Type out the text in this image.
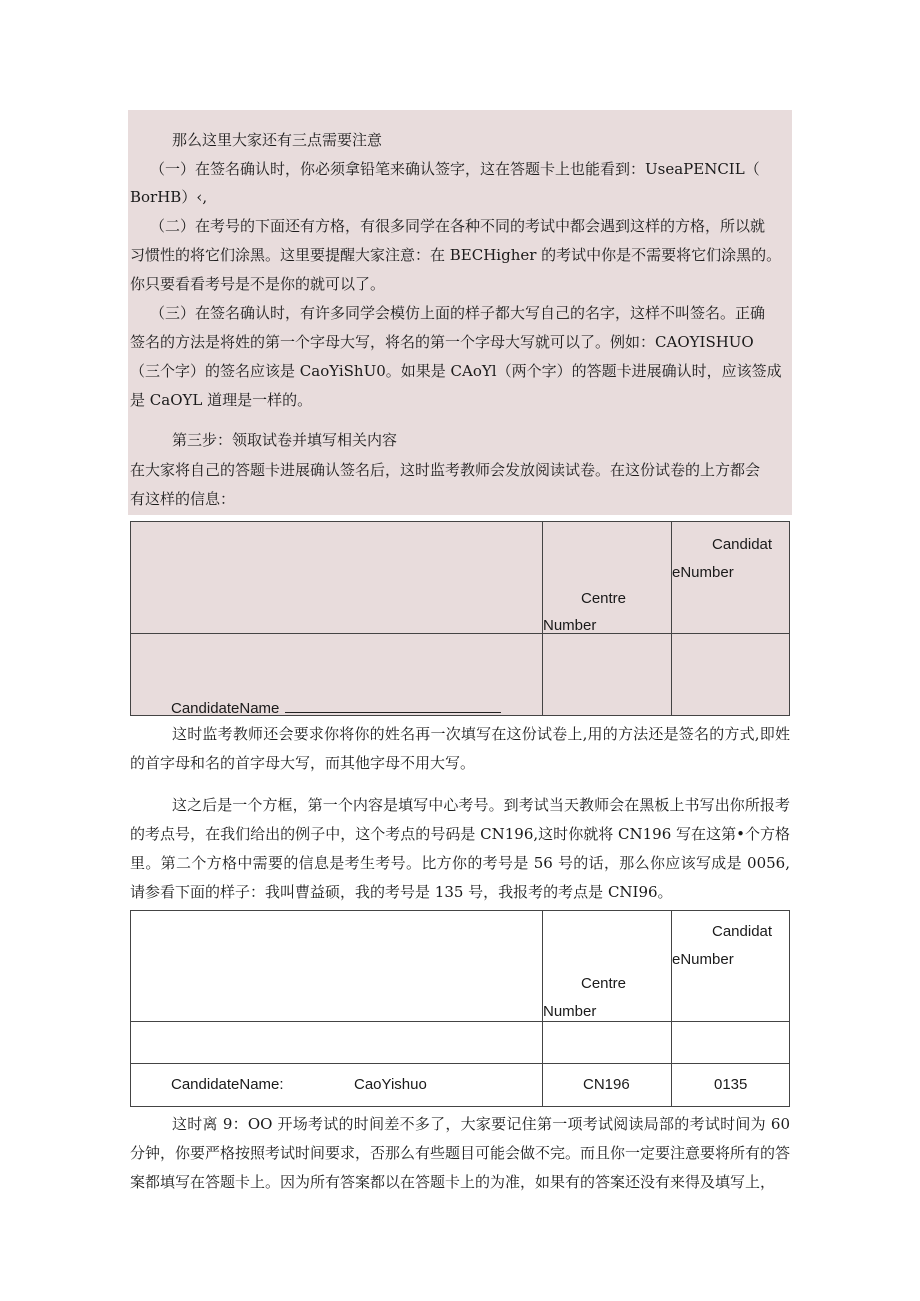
那么这里大家还有三点需要注意
（一）在签名确认时，你必须拿铅笔来确认签字，这在答题卡上也能看到：UseaPENCIL（
BorHB）‹,
（二）在考号的下面还有方格，有很多同学在各种不同的考试中都会遇到这样的方格，所以就
习惯性的将它们涂黑。这里要提醒大家注意：在 BECHigher 的考试中你是不需要将它们涂黑的。
你只要看看考号是不是你的就可以了。
（三）在签名确认时，有许多同学会模仿上面的样子都大写自己的名字，这样不叫签名。正确
签名的方法是将姓的第一个字母大写，将名的第一个字母大写就可以了。例如：CAOYISHUO
（三个字）的签名应该是 CaoYiShU0。如果是 CAoYl（两个字）的答题卡进展确认时，应该签成
是 CaOYL 道理是一样的。
第三步：领取试卷并填写相关内容
在大家将自己的答题卡进展确认签名后，这时监考教师会发放阅读试卷。在这份试卷的上方都会
有这样的信息：

	Centre
Number	Candidat
eNumber

CandidateName		

这时监考教师还会要求你将你的姓名再一次填写在这份试卷上,用的方法还是签名的方式,即姓的首字母和名的首字母大写，而其他字母不用大写。
这之后是一个方框，第一个内容是填写中心考号。到考试当天教师会在黑板上书写出你所报考的考点号，在我们给出的例子中，这个考点的号码是 CN196,这时你就将 CN196 写在这第•个方格里。第二个方格中需要的信息是考生考号。比方你的考号是 56 号的话，那么你应该写成是 0056,请参看下面的样子：我叫曹益硕，我的考号是 135 号，我报考的考点是 CNI96。

	Centre
Number	Candidat
eNumber

CandidateName: CaoYishuo	CN196	0135
这时离 9：OO 开场考试的时间差不多了，大家要记住第一项考试阅读局部的考试时间为 60 分钟，你要严格按照考试时间要求，否那么有些题目可能会做不完。而且你一定要注意要将所有的答案都填写在答题卡上。因为所有答案都以在答题卡上的为准，如果有的答案还没有来得及填写上，
